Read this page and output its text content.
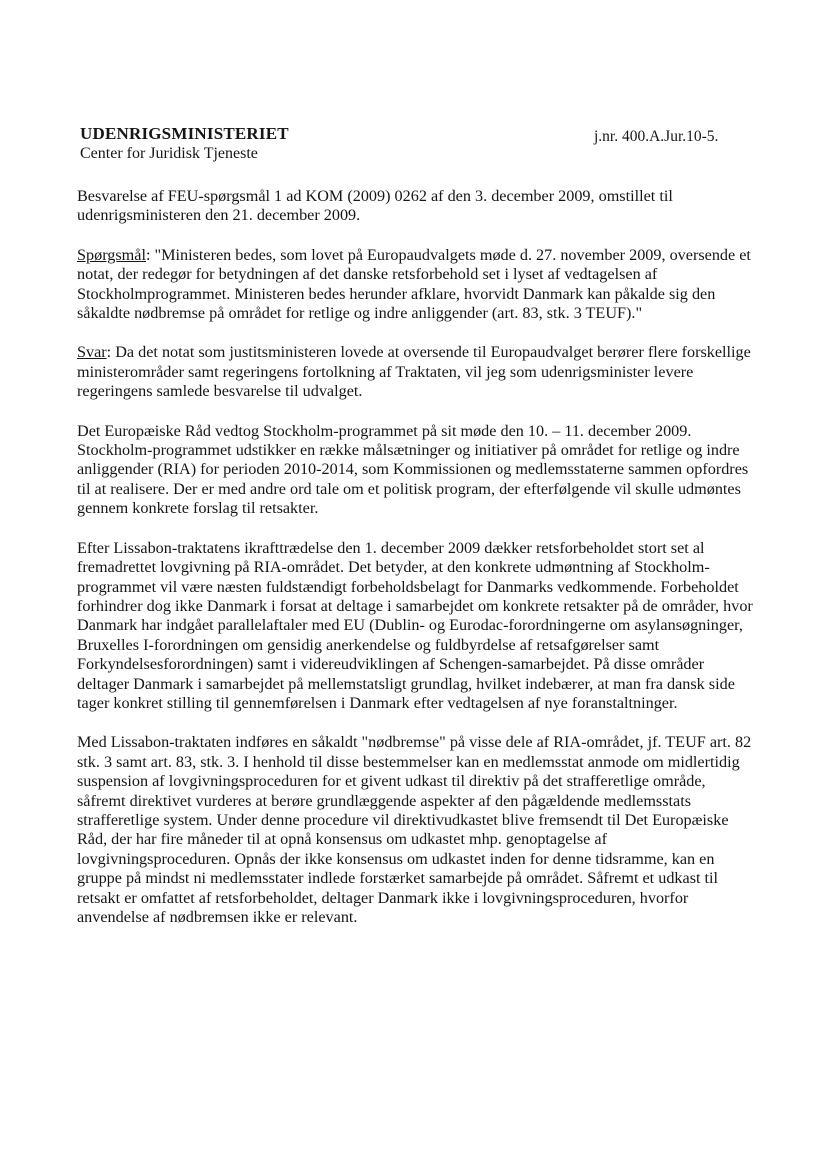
UDENRIGSMINISTERIET
Center for Juridisk Tjeneste
j.nr. 400.A.Jur.10-5.

Besvarelse af FEU-spørgsmål 1 ad KOM (2009) 0262 af den 3. december 2009, omstillet til udenrigsministeren den 21. december 2009.

Spørgsmål: "Ministeren bedes, som lovet på Europaudvalgets møde d. 27. november 2009, oversende et notat, der redegør for betydningen af det danske retsforbehold set i lyset af vedtagelsen af Stockholmprogrammet. Ministeren bedes herunder afklare, hvorvidt Danmark kan påkalde sig den såkaldte nødbremse på området for retlige og indre anliggender (art. 83, stk. 3 TEUF)."

Svar: Da det notat som justitsministeren lovede at oversende til Europaudvalget berører flere forskellige ministerområder samt regeringens fortolkning af Traktaten, vil jeg som udenrigsminister levere regeringens samlede besvarelse til udvalget.

Det Europæiske Råd vedtog Stockholm-programmet på sit møde den 10. – 11. december 2009. Stockholm-programmet udstikker en række målsætninger og initiativer på området for retlige og indre anliggender (RIA) for perioden 2010-2014, som Kommissionen og medlemsstaterne sammen opfordres til at realisere. Der er med andre ord tale om et politisk program, der efterfølgende vil skulle udmøntes gennem konkrete forslag til retsakter.

Efter Lissabon-traktatens ikrafttrædelse den 1. december 2009 dækker retsforbeholdet stort set al fremadrettet lovgivning på RIA-området. Det betyder, at den konkrete udmøntning af Stockholm-programmet vil være næsten fuldstændigt forbeholdsbelagt for Danmarks vedkommende. Forbeholdet forhindrer dog ikke Danmark i forsat at deltage i samarbejdet om konkrete retsakter på de områder, hvor Danmark har indgået parallelaftaler med EU (Dublin- og Eurodac-forordningerne om asylansøgninger, Bruxelles I-forordningen om gensidig anerkendelse og fuldbyrdelse af retsafgørelser samt Forkyndelsesforordningen) samt i videreudviklingen af Schengen-samarbejdet. På disse områder deltager Danmark i samarbejdet på mellemstatsligt grundlag, hvilket indebærer, at man fra dansk side tager konkret stilling til gennemførelsen i Danmark efter vedtagelsen af nye foranstaltninger.

Med Lissabon-traktaten indføres en såkaldt "nødbremse" på visse dele af RIA-området, jf. TEUF art. 82 stk. 3 samt art. 83, stk. 3. I henhold til disse bestemmelser kan en medlemsstat anmode om midlertidig suspension af lovgivningsproceduren for et givent udkast til direktiv på det strafferetlige område, såfremt direktivet vurderes at berøre grundlæggende aspekter af den pågældende medlemsstats strafferetlige system. Under denne procedure vil direktivudkastet blive fremsendt til Det Europæiske Råd, der har fire måneder til at opnå konsensus om udkastet mhp. genoptagelse af lovgivningsproceduren. Opnås der ikke konsensus om udkastet inden for denne tidsramme, kan en gruppe på mindst ni medlemsstater indlede forstærket samarbejde på området. Såfremt et udkast til retsakt er omfattet af retsforbeholdet, deltager Danmark ikke i lovgivningsproceduren, hvorfor anvendelse af nødbremsen ikke er relevant.
